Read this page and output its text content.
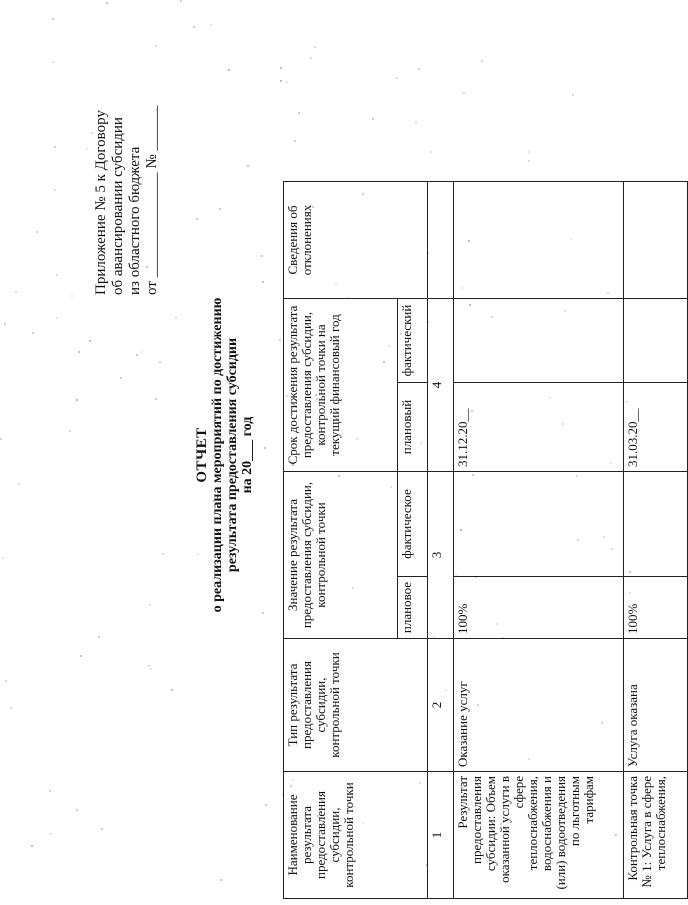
Приложение № 5 к Договору об авансировании субсидии из областного бюджета от ______________ № ______
ОТЧЕТ о реализации плана мероприятий по достижению результата предоставления субсидии на 20___ год
Наименование результата предоставления субсидии, контрольной точки	Тип результата предоставления субсидии, контрольной точки	Значение результата предоставления субсидии, контрольной точки		Срок достижения результата предоставления субсидии, контрольной точки на текущий финансовый год		Сведения об отклонениях
		плановое	фактическое	плановый	фактический	
1	2	3		4		
Результат предоставления субсидии: Объем оказанной услуги в сфере теплоснабжения, водоснабжения и (или) водоотведения по льготным тарифам	Оказание услуг	100%		31.12.20__		
Контрольная точка № 1: Услуга в сфере теплоснабжения,	Услуга оказана	100%		31.03.20__		
